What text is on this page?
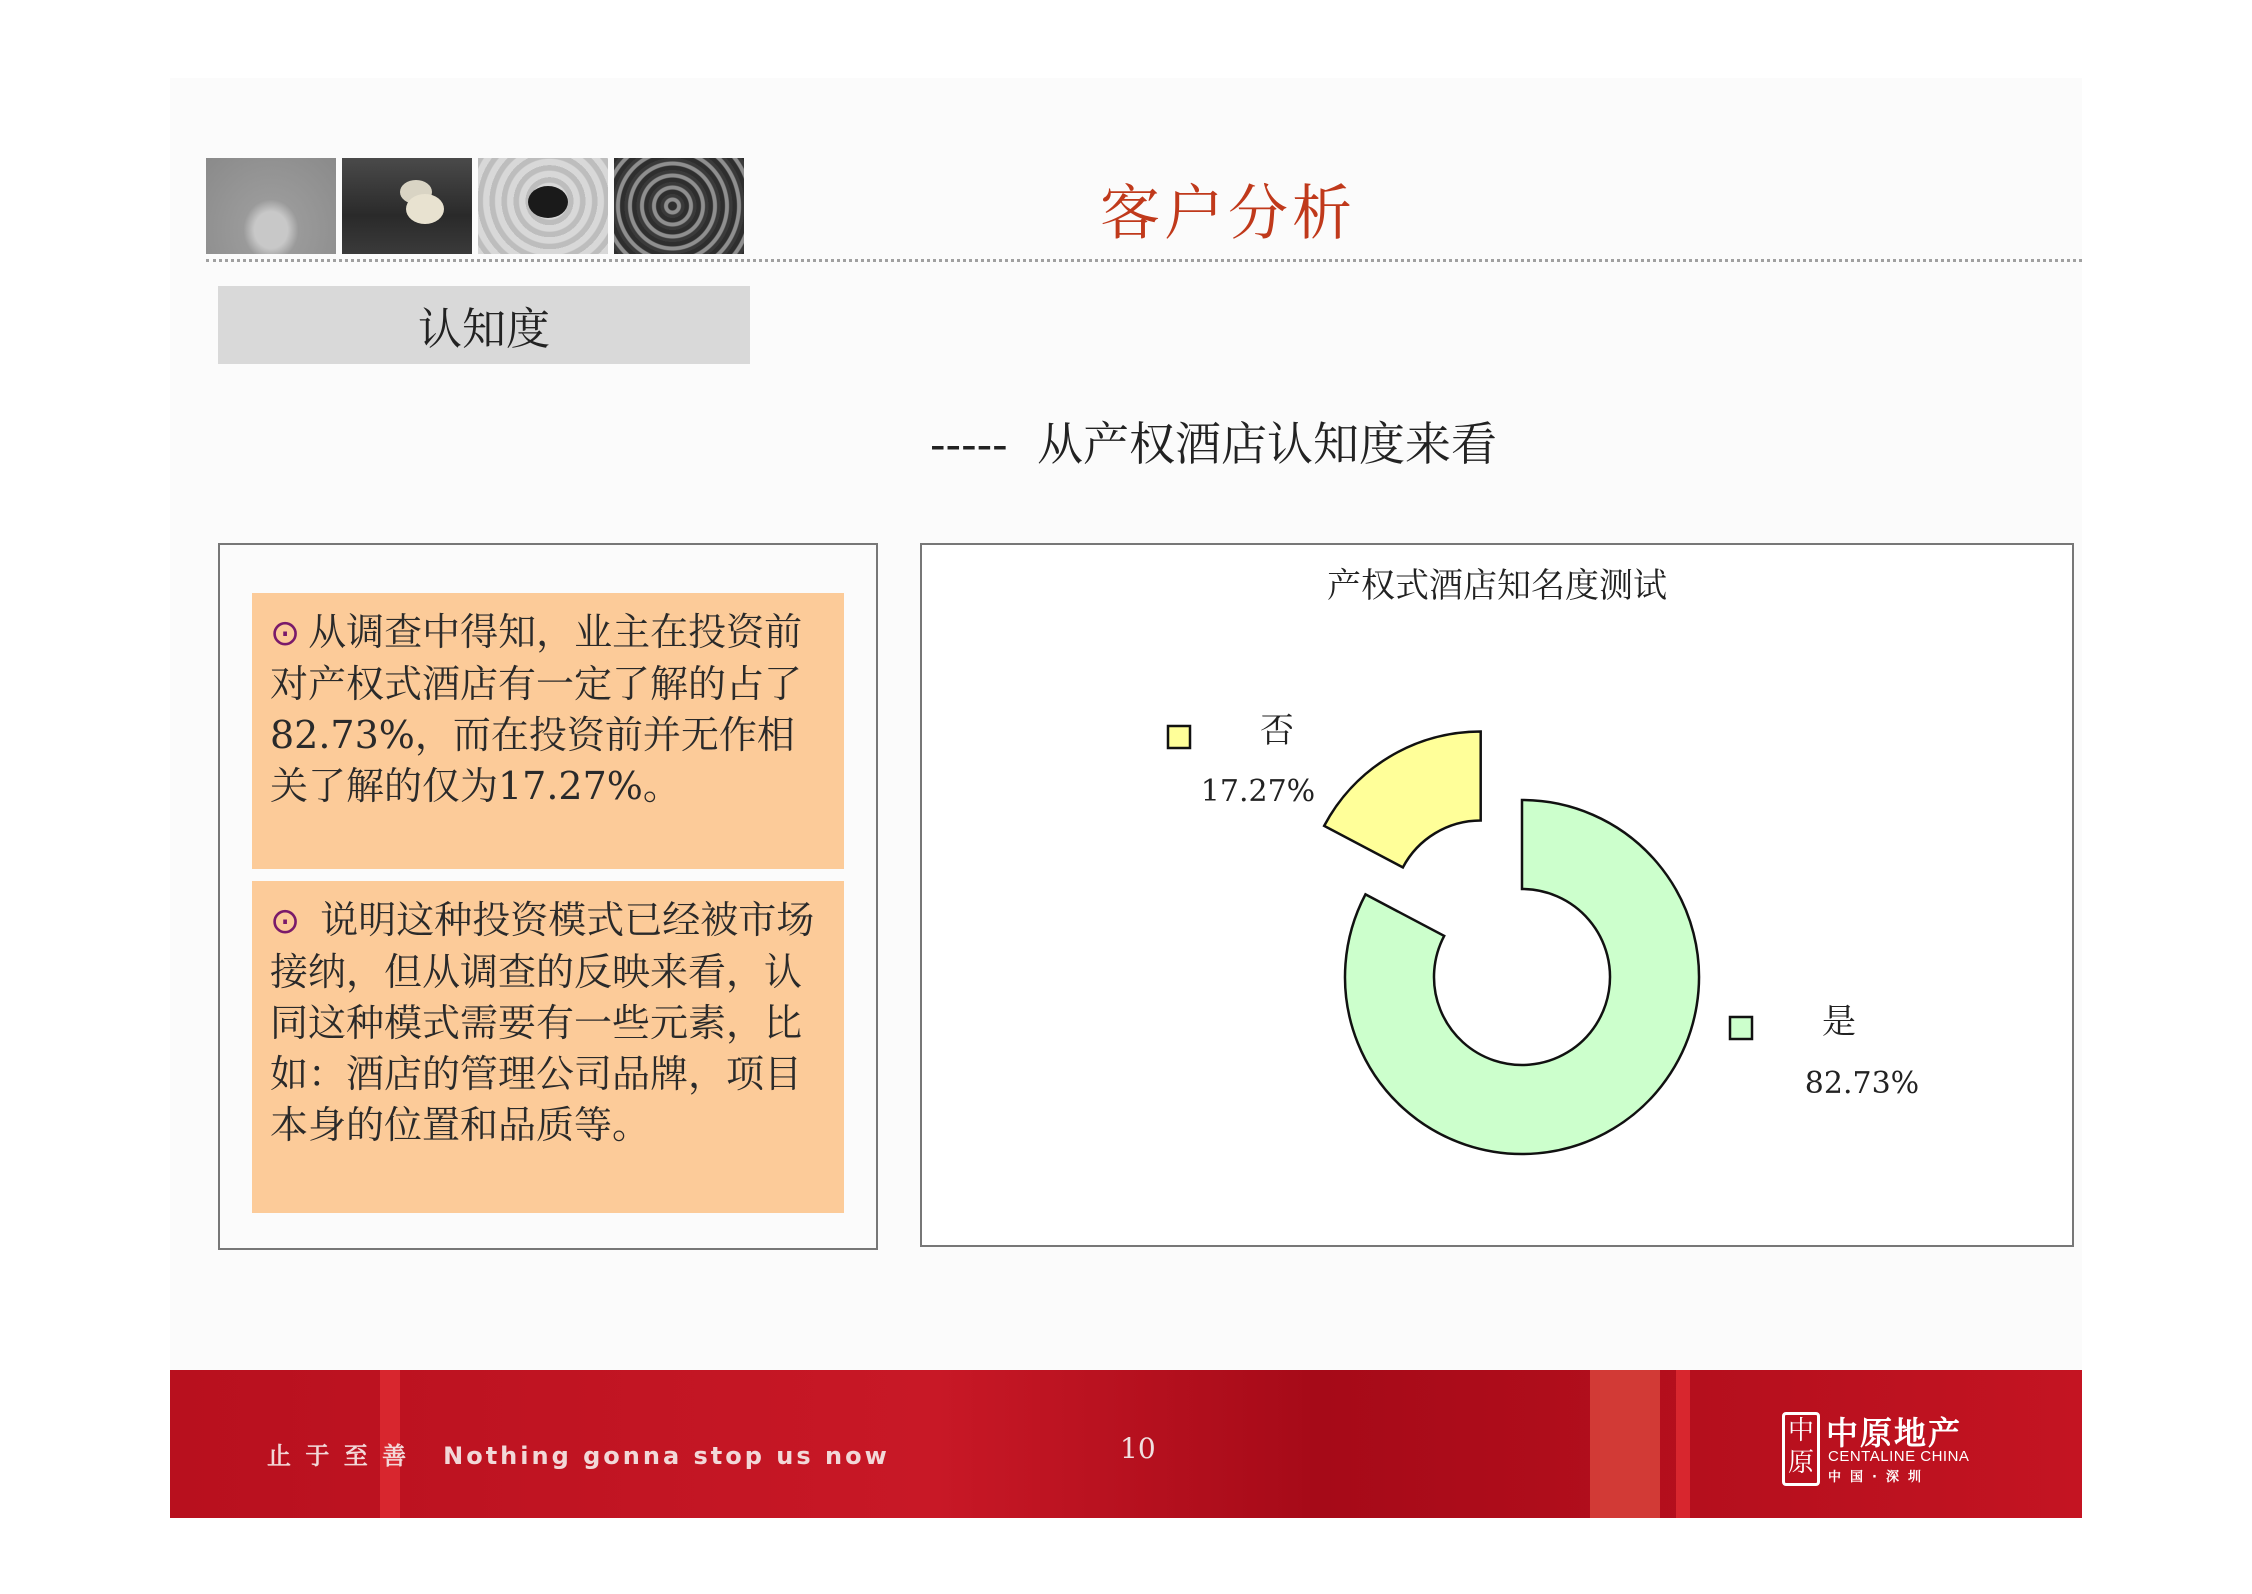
客户分析
认知度
-----  从产权酒店认知度来看
⊙ 从调查中得知，业主在投资前对产权式酒店有一定了解的占了82.73%，而在投资前并无作相关了解的仅为17.27%。
⊙ 说明这种投资模式已经被市场接纳，但从调查的反映来看，认同这种模式需要有一些元素，比如：酒店的管理公司品牌，项目本身的位置和品质等。
产权式酒店知名度测试
是
82.73%
否
17.27%
止 于 至 善   Nothing gonna stop us now	10
中原
中原地产
CENTALINE CHINA
中国·深圳
